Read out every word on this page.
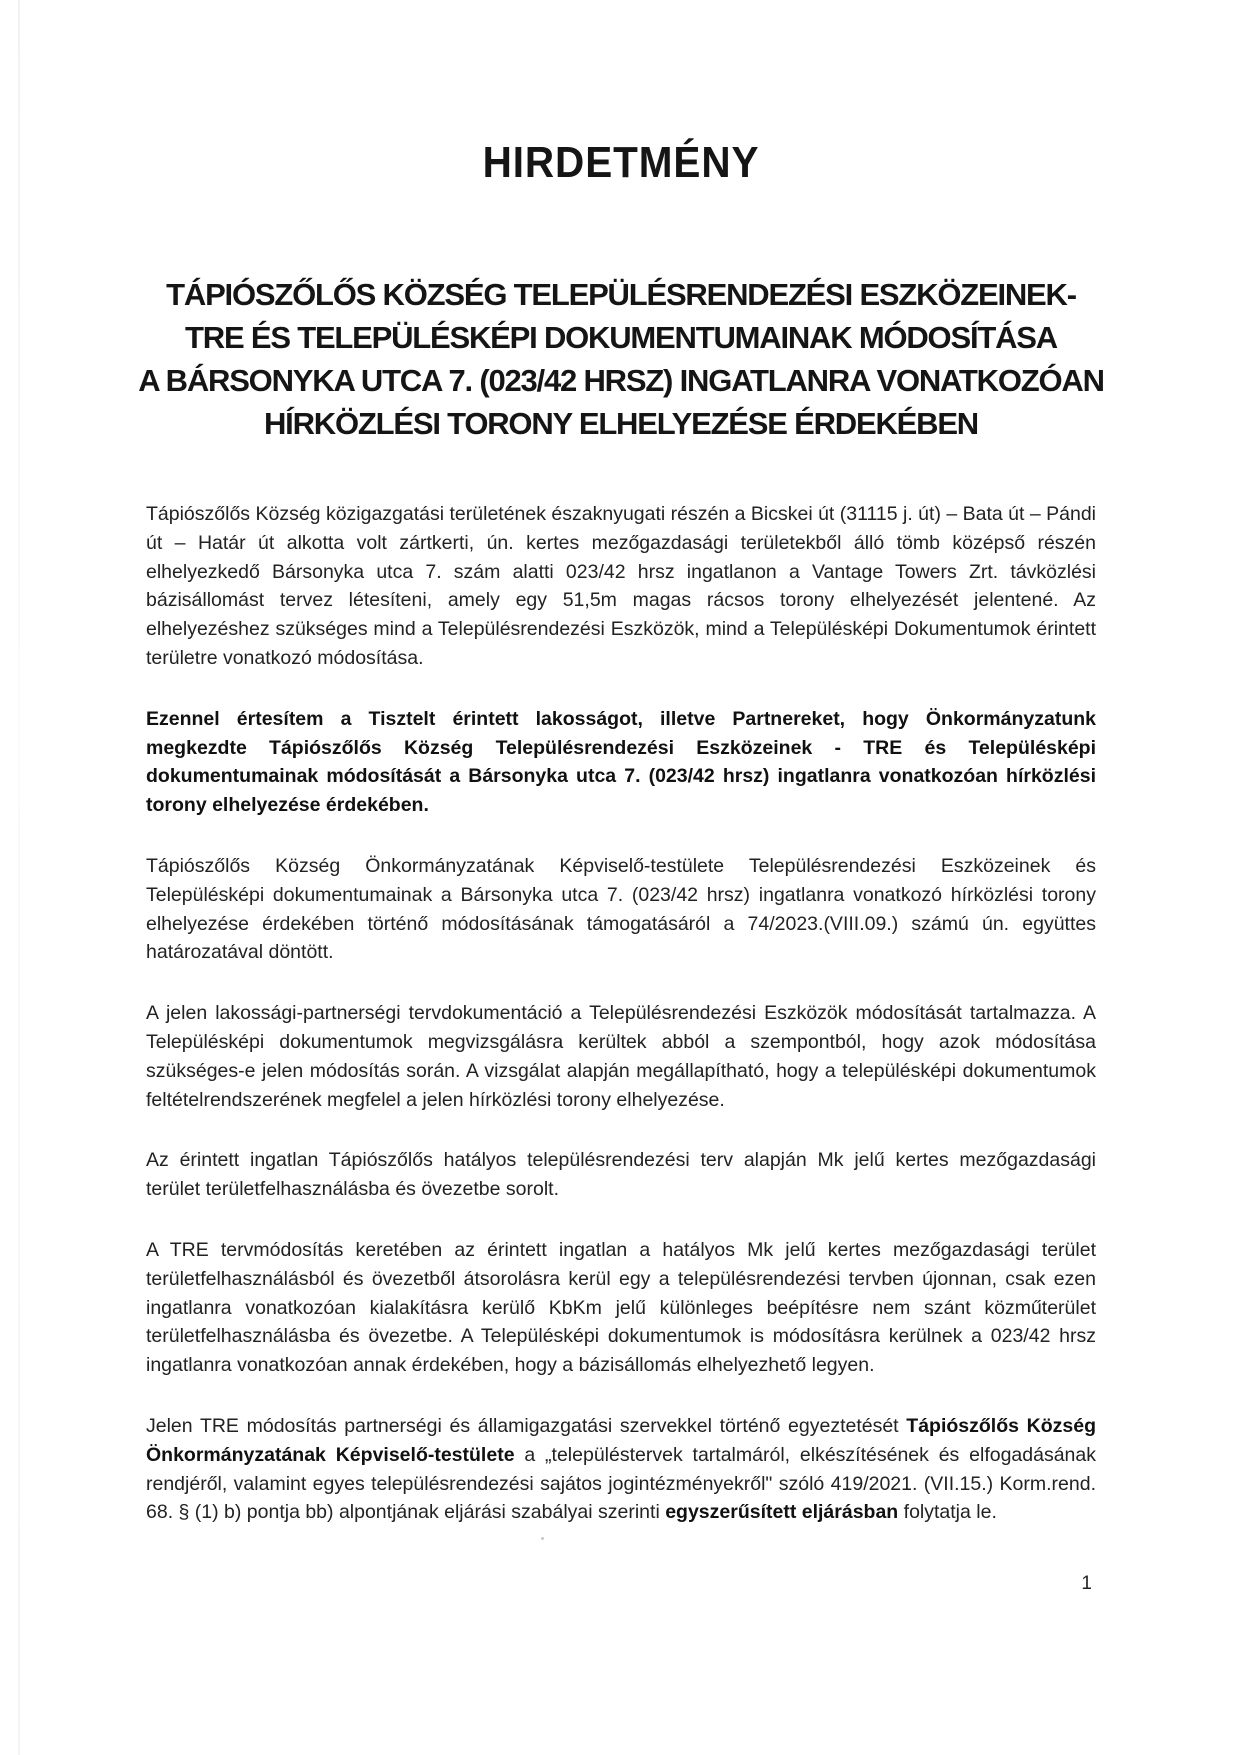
HIRDETMÉNY
TÁPIÓSZŐLŐS KÖZSÉG TELEPÜLÉSRENDEZÉSI ESZKÖZEINEK-
TRE ÉS TELEPÜLÉSKÉPI DOKUMENTUMAINAK MÓDOSÍTÁSA
A BÁRSONYKA UTCA 7. (023/42 HRSZ) INGATLANRA VONATKOZÓAN
HÍRKÖZLÉSI TORONY ELHELYEZÉSE ÉRDEKÉBEN

Tápiószőlős Község közigazgatási területének északnyugati részén a Bicskei út (31115 j. út) – Bata út – Pándi út – Határ út alkotta volt zártkerti, ún. kertes mezőgazdasági területekből álló tömb középső részén elhelyezkedő Bársonyka utca 7. szám alatti 023/42 hrsz ingatlanon a Vantage Towers Zrt. távközlési bázisállomást tervez létesíteni, amely egy 51,5m magas rácsos torony elhelyezését jelentené. Az elhelyezéshez szükséges mind a Településrendezési Eszközök, mind a Településképi Dokumentumok érintett területre vonatkozó módosítása.

Ezennel értesítem a Tisztelt érintett lakosságot, illetve Partnereket, hogy Önkormányzatunk megkezdte Tápiószőlős Község Településrendezési Eszközeinek - TRE és Településképi dokumentumainak módosítását a Bársonyka utca 7. (023/42 hrsz) ingatlanra vonatkozóan hírközlési torony elhelyezése érdekében.

Tápiószőlős Község Önkormányzatának Képviselő-testülete Településrendezési Eszközeinek és Településképi dokumentumainak a Bársonyka utca 7. (023/42 hrsz) ingatlanra vonatkozó hírközlési torony elhelyezése érdekében történő módosításának támogatásáról a 74/2023.(VIII.09.) számú ún. együttes határozatával döntött.

A jelen lakossági-partnerségi tervdokumentáció a Településrendezési Eszközök módosítását tartalmazza. A Településképi dokumentumok megvizsgálásra kerültek abból a szempontból, hogy azok módosítása szükséges-e jelen módosítás során. A vizsgálat alapján megállapítható, hogy a településképi dokumentumok feltételrendszerének megfelel a jelen hírközlési torony elhelyezése.

Az érintett ingatlan Tápiószőlős hatályos településrendezési terv alapján Mk jelű kertes mezőgazdasági terület területfelhasználásba és övezetbe sorolt.

A TRE tervmódosítás keretében az érintett ingatlan a hatályos Mk jelű kertes mezőgazdasági terület területfelhasználásból és övezetből átsorolásra kerül egy a településrendezési tervben újonnan, csak ezen ingatlanra vonatkozóan kialakításra kerülő KbKm jelű különleges beépítésre nem szánt közműterület területfelhasználásba és övezetbe. A Településképi dokumentumok is módosításra kerülnek a 023/42 hrsz ingatlanra vonatkozóan annak érdekében, hogy a bázisállomás elhelyezhető legyen.

Jelen TRE módosítás partnerségi és államigazgatási szervekkel történő egyeztetését Tápiószőlős Község Önkormányzatának Képviselő-testülete a „településtervek tartalmáról, elkészítésének és elfogadásának rendjéről, valamint egyes településrendezési sajátos jogintézményekről" szóló 419/2021. (VII.15.) Korm.rend. 68. § (1) b) pontja bb) alpontjának eljárási szabályai szerinti egyszerűsített eljárásban folytatja le.

1
